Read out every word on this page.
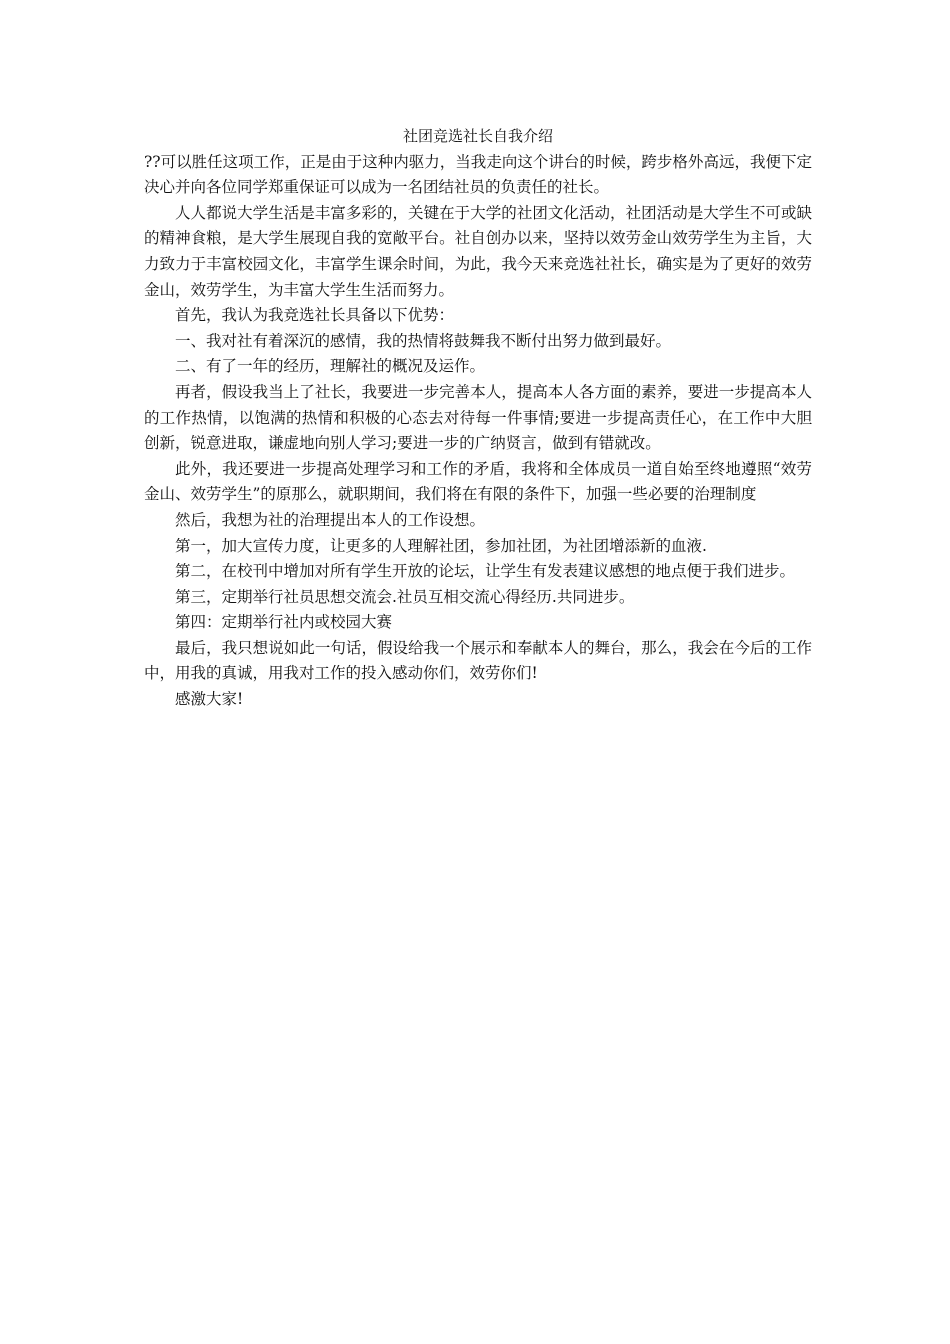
社团竞选社长自我介绍

??可以胜任这项工作，正是由于这种内驱力，当我走向这个讲台的时候，跨步格外高远，我便下定决心并向各位同学郑重保证可以成为一名团结社员的负责任的社长。

人人都说大学生活是丰富多彩的，关键在于大学的社团文化活动，社团活动是大学生不可或缺的精神食粮，是大学生展现自我的宽敞平台。社自创办以来，坚持以效劳金山效劳学生为主旨，大力致力于丰富校园文化，丰富学生课余时间，为此，我今天来竞选社社长，确实是为了更好的效劳金山，效劳学生，为丰富大学生生活而努力。

首先，我认为我竞选社长具备以下优势：

一、我对社有着深沉的感情，我的热情将鼓舞我不断付出努力做到最好。

二、有了一年的经历，理解社的概况及运作。

再者，假设我当上了社长，我要进一步完善本人，提高本人各方面的素养，要进一步提高本人的工作热情，以饱满的热情和积极的心态去对待每一件事情;要进一步提高责任心，在工作中大胆创新，锐意进取，谦虚地向别人学习;要进一步的广纳贤言，做到有错就改。

此外，我还要进一步提高处理学习和工作的矛盾，我将和全体成员一道自始至终地遵照“效劳金山、效劳学生”的原那么，就职期间，我们将在有限的条件下，加强一些必要的治理制度

然后，我想为社的治理提出本人的工作设想。

第一，加大宣传力度，让更多的人理解社团，参加社团，为社团增添新的血液.

第二，在校刊中增加对所有学生开放的论坛，让学生有发表建议感想的地点便于我们进步。

第三，定期举行社员思想交流会.社员互相交流心得经历.共同进步。

第四：定期举行社内或校园大赛

最后，我只想说如此一句话，假设给我一个展示和奉献本人的舞台，那么，我会在今后的工作中，用我的真诚，用我对工作的投入感动你们，效劳你们!

感激大家!
